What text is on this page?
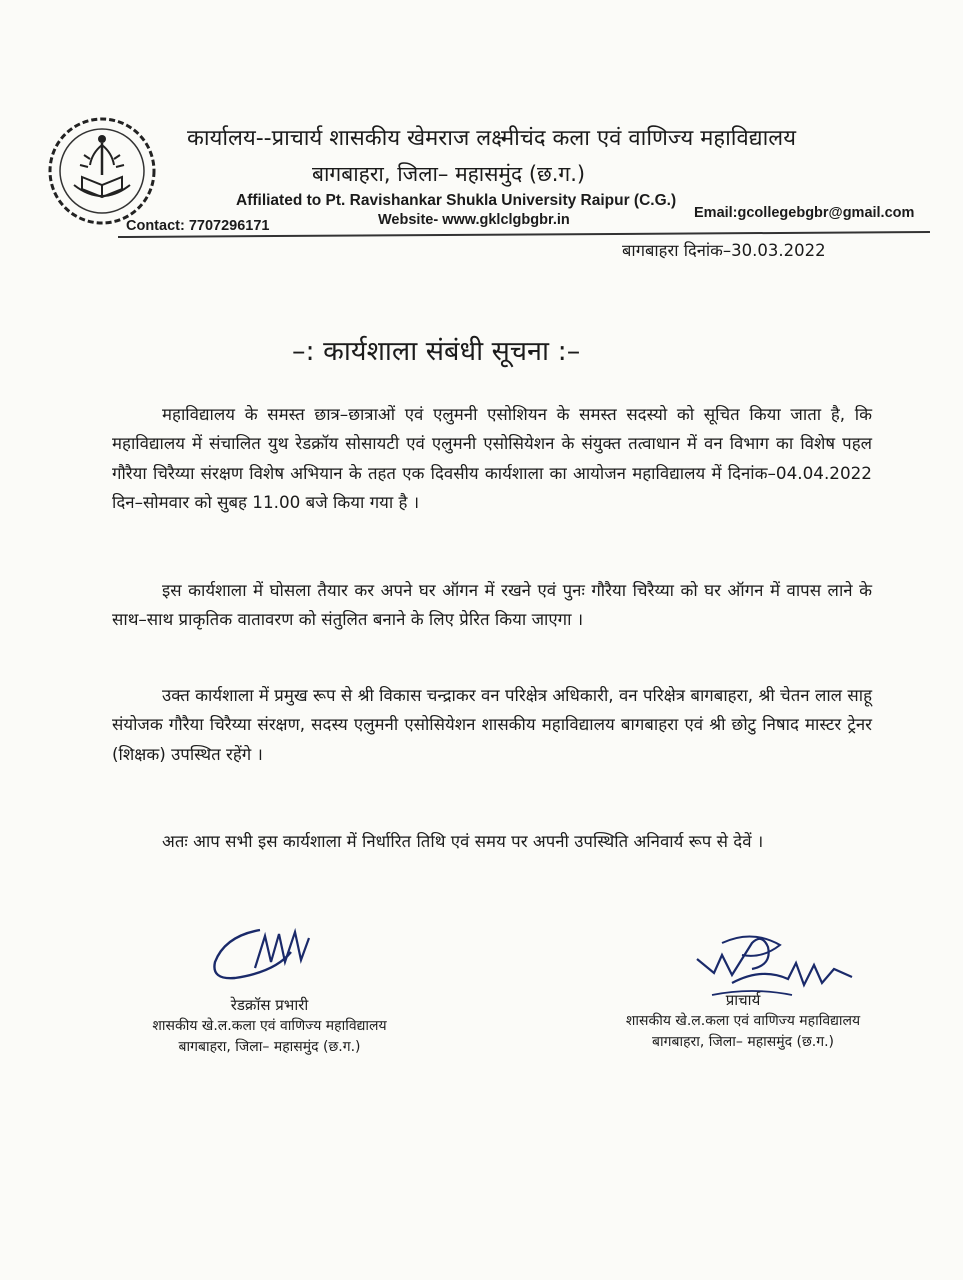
कार्यालय--प्राचार्य शासकीय खेमराज लक्ष्मीचंद कला एवं वाणिज्य महाविद्यालय
बागबाहरा, जिला– महासमुंद (छ.ग.)
Affiliated to Pt. Ravishankar Shukla University Raipur (C.G.)
Contact: 7707296171	Website- www.gklclgbgbr.in	Email:gcollegebgbr@gmail.com
बागबाहरा दिनांक–30.03.2022
–: कार्यशाला संबंधी सूचना :–

महाविद्यालय के समस्त छात्र–छात्राओं एवं एलुमनी एसोशियन के समस्त सदस्यो को सूचित किया जाता है, कि महाविद्यालय में संचालित युथ रेडक्रॉय सोसायटी एवं एलुमनी एसोसियेशन के संयुक्त तत्वाधान में वन विभाग का विशेष पहल गौरैया चिरैय्या संरक्षण विशेष अभियान के तहत एक दिवसीय कार्यशाला का आयोजन महाविद्यालय में दिनांक–04.04.2022 दिन–सोमवार को सुबह 11.00 बजे किया गया है ।

इस कार्यशाला में घोसला तैयार कर अपने घर ऑगन में रखने एवं पुनः गौरैया चिरैय्या को घर ऑगन में वापस लाने के साथ–साथ प्राकृतिक वातावरण को संतुलित बनाने के लिए प्रेरित किया जाएगा ।

उक्त कार्यशाला में प्रमुख रूप से श्री विकास चन्द्राकर वन परिक्षेत्र अधिकारी, वन परिक्षेत्र बागबाहरा, श्री चेतन लाल साहू संयोजक गौरैया चिरैय्या संरक्षण, सदस्य एलुमनी एसोसियेशन शासकीय महाविद्यालय बागबाहरा एवं श्री छोटु निषाद मास्टर ट्रेनर (शिक्षक) उपस्थित रहेंगे ।

अतः आप सभी इस कार्यशाला में निर्धारित तिथि एवं समय पर अपनी उपस्थिति अनिवार्य रूप से देवें ।

रेडक्रॉस प्रभारी
शासकीय खे.ल.कला एवं वाणिज्य महाविद्यालय
बागबाहरा, जिला– महासमुंद (छ.ग.)
प्राचार्य
शासकीय खे.ल.कला एवं वाणिज्य महाविद्यालय
बागबाहरा, जिला– महासमुंद (छ.ग.)
